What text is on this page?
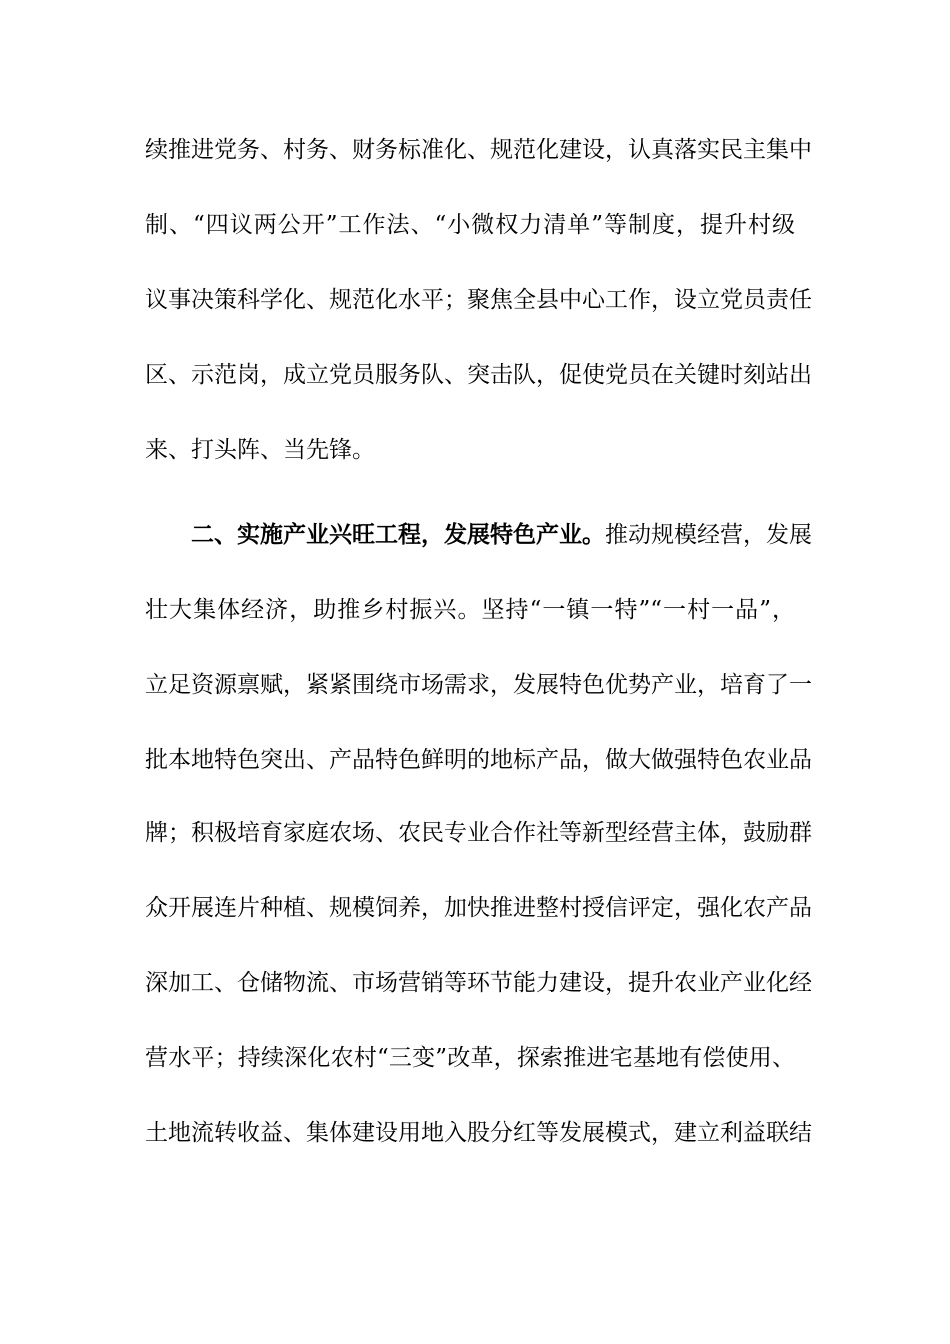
续推进党务、村务、财务标准化、规范化建设，认真落实民主集中
制、“四议两公开”工作法、“小微权力清单”等制度，提升村级
议事决策科学化、规范化水平；聚焦全县中心工作，设立党员责任
区、示范岗，成立党员服务队、突击队，促使党员在关键时刻站出
来、打头阵、当先锋。
二、实施产业兴旺工程，发展特色产业。推动规模经营，发展
壮大集体经济，助推乡村振兴。坚持“一镇一特”“一村一品”，
立足资源禀赋，紧紧围绕市场需求，发展特色优势产业，培育了一
批本地特色突出、产品特色鲜明的地标产品，做大做强特色农业品
牌；积极培育家庭农场、农民专业合作社等新型经营主体，鼓励群
众开展连片种植、规模饲养，加快推进整村授信评定，强化农产品
深加工、仓储物流、市场营销等环节能力建设，提升农业产业化经
营水平；持续深化农村“三变”改革，探索推进宅基地有偿使用、
土地流转收益、集体建设用地入股分红等发展模式，建立利益联结
